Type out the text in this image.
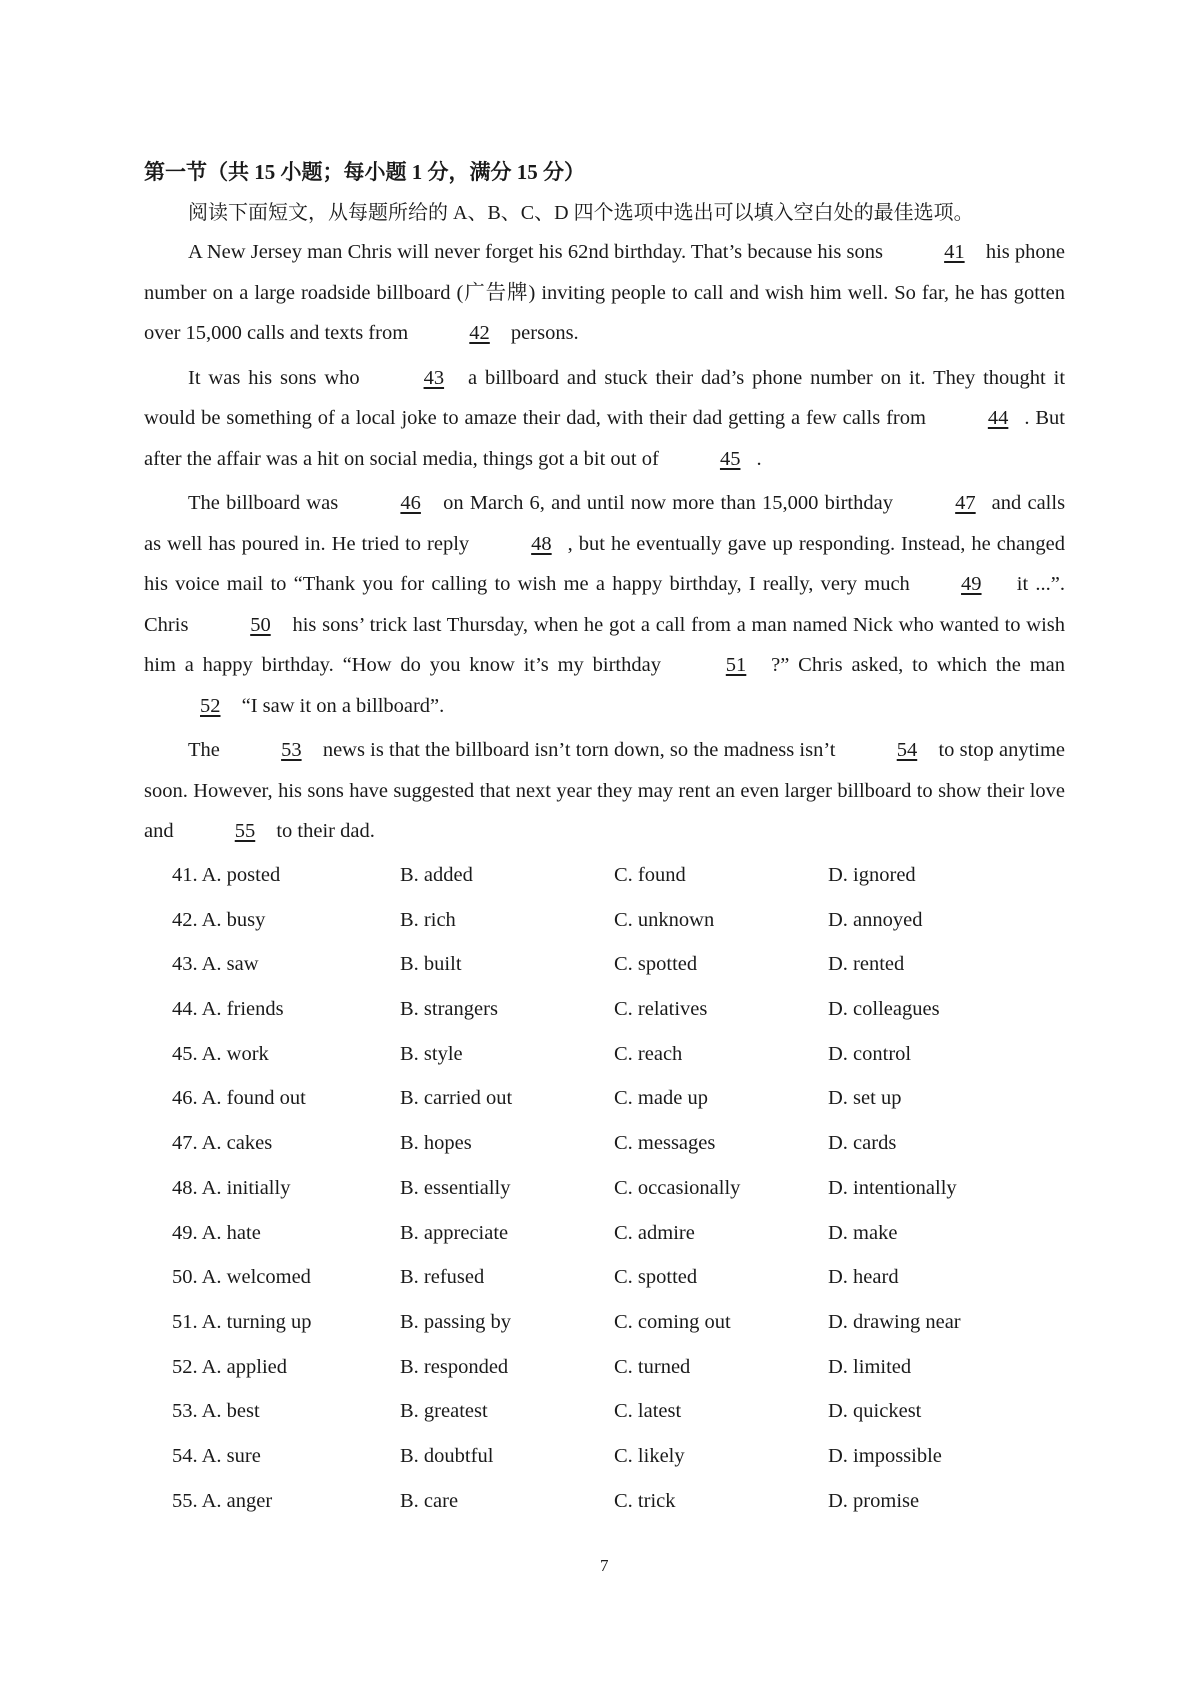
第一节（共 15 小题；每小题 1 分，满分 15 分）
阅读下面短文，从每题所给的 A、B、C、D 四个选项中选出可以填入空白处的最佳选项。

A New Jersey man Chris will never forget his 62nd birthday. That’s because his sons	41 his phone number on a large roadside billboard (广告牌) inviting people to call and wish him well. So far, he has gotten over 15,000 calls and texts from	42 persons.

It was his sons who	43 a billboard and stuck their dad’s phone number on it. They thought it would be something of a local joke to amaze their dad, with their dad getting a few calls from	44 . But after the affair was a hit on social media, things got a bit out of	45 .

The billboard was	46 on March 6, and until now more than 15,000 birthday	47 and calls as well has poured in. He tried to reply	48 , but he eventually gave up responding. Instead, he changed his voice mail to “Thank you for calling to wish me a happy birthday, I really, very much 49 it ...”. Chris	50 his sons’ trick last Thursday, when he got a call from a man named Nick who wanted to wish him a happy birthday. “How do you know it’s my birthday	51 ?” Chris asked, to which the man 52 “I saw it on a billboard”.

The	53 news is that the billboard isn’t torn down, so the madness isn’t	54 to stop anytime soon. However, his sons have suggested that next year they may rent an even larger billboard to show their love and	55 to their dad.

41. A. posted	B. added	C. found	D. ignored
42. A. busy	B. rich	C. unknown	D. annoyed
43. A. saw	B. built	C. spotted	D. rented
44. A. friends	B. strangers	C. relatives	D. colleagues
45. A. work	B. style	C. reach	D. control
46. A. found out	B. carried out	C. made up	D. set up
47. A. cakes	B. hopes	C. messages	D. cards
48. A. initially	B. essentially	C. occasionally	D. intentionally
49. A. hate	B. appreciate	C. admire	D. make
50. A. welcomed	B. refused	C. spotted	D. heard
51. A. turning up	B. passing by	C. coming out	D. drawing near
52. A. applied	B. responded	C. turned	D. limited
53. A. best	B. greatest	C. latest	D. quickest
54. A. sure	B. doubtful	C. likely	D. impossible
55. A. anger	B. care	C. trick	D. promise
7
